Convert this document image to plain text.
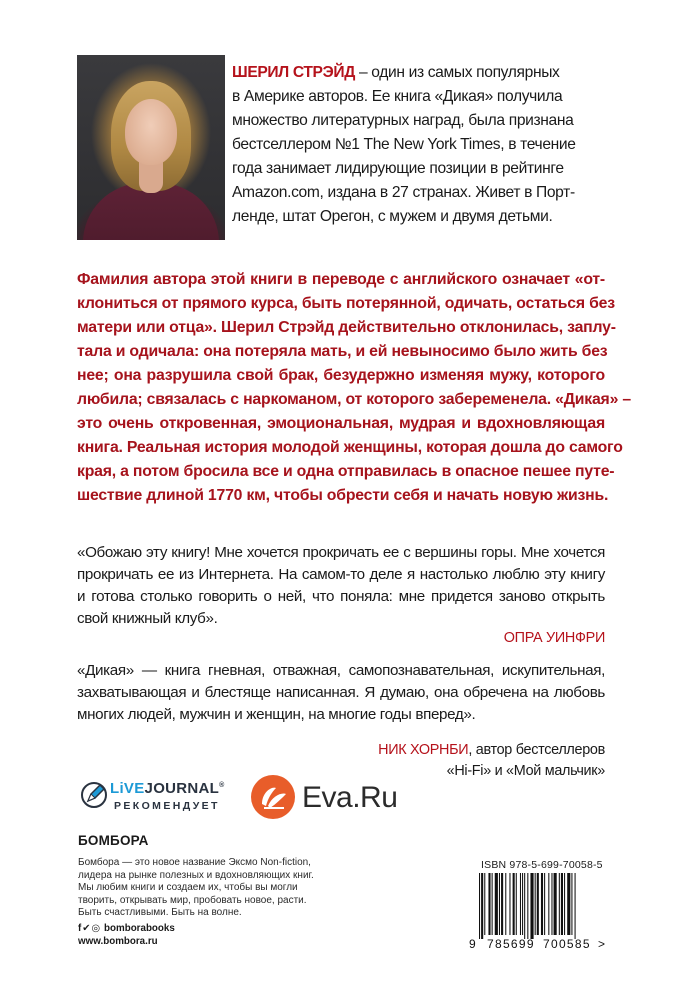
ШЕРИЛ СТРЭЙД – один из самых популярных
в Америке авторов. Ее книга «Дикая» получила
множество литературных наград, была признана
бестселлером №1 The New York Times, в течение
года занимает лидирующие позиции в рейтинге
Amazon.com, издана в 27 странах. Живет в Порт-
ленде, штат Орегон, с мужем и двумя детьми.
Фамилия автора этой книги в переводе с английского означает «от-
клониться от прямого курса, быть потерянной, одичать, остаться без
матери или отца». Шерил Стрэйд действительно отклонилась, заплу-
тала и одичала: она потеряла мать, и ей невыносимо было жить без
нее; она разрушила свой брак, безудержно изменяя мужу, которого
любила; связалась с наркоманом, от которого забеременела. «Дикая» –
это очень откровенная, эмоциональная, мудрая и вдохновляющая
книга. Реальная история молодой женщины, которая дошла до самого
края, а потом бросила все и одна отправилась в опасное пешее путе-
шествие длиной 1770 км, чтобы обрести себя и начать новую жизнь.
«Обожаю эту книгу! Мне хочется прокричать ее с вершины горы. Мне хочется
прокричать ее из Интернета. На самом-то деле я настолько люблю эту книгу
и готова столько говорить о ней, что поняла: мне придется заново открыть
свой книжный клуб».
ОПРА УИНФРИ
«Дикая» — книга гневная, отважная, самопознавательная, искупительная,
захватывающая и блестяще написанная. Я думаю, она обречена на любовь
многих людей, мужчин и женщин, на многие годы вперед».
НИК ХОРНБИ, автор бестселлеров
«Hi-Fi» и «Мой мальчик»
LiVEJOURNAL®
РЕКОМЕНДУЕТ	Eva.Ru
БОМБОРА
Бомбора — это новое название Эксмо Non-fiction,
лидера на рынке полезных и вдохновляющих книг.
Мы любим книги и создаем их, чтобы вы могли
творить, открывать мир, пробовать новое, расти.
Быть счастливыми. Быть на волне.
f✔◎ bomborabooks
www.bombora.ru
ISBN 978-5-699-70058-5
9 785699 700585 >
